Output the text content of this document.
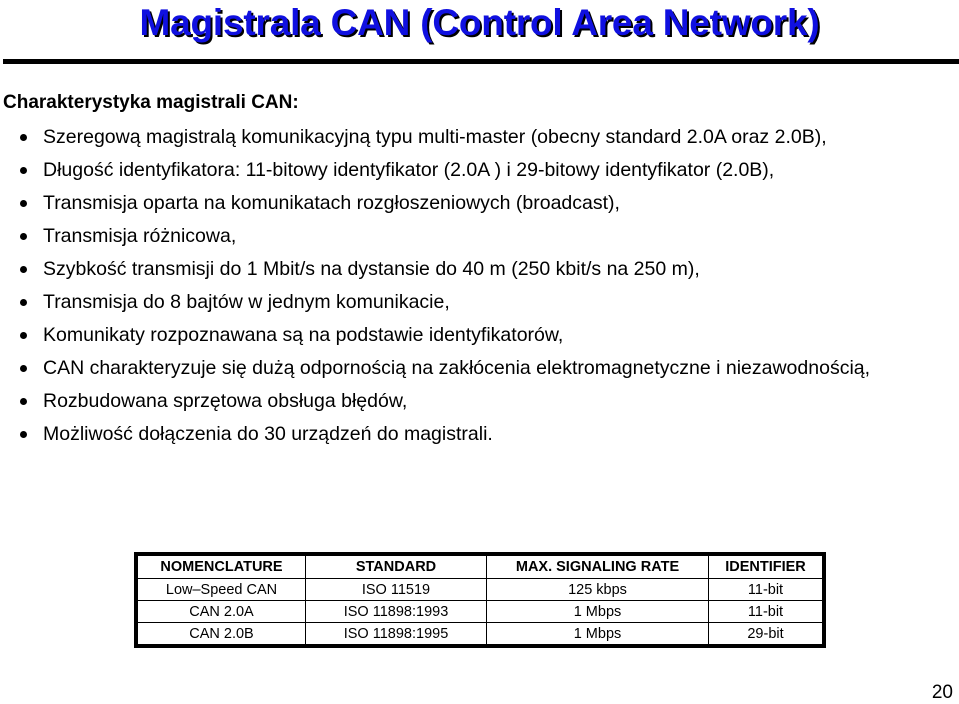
Magistrala CAN (Control Area Network)
Charakterystyka magistrali CAN:
Szeregową magistralą komunikacyjną typu multi-master (obecny standard 2.0A oraz 2.0B),
Długość identyfikatora: 11-bitowy identyfikator (2.0A ) i 29-bitowy identyfikator (2.0B),
Transmisja oparta na komunikatach rozgłoszeniowych (broadcast),
Transmisja różnicowa,
Szybkość transmisji do 1 Mbit/s na dystansie do 40 m (250 kbit/s na 250 m),
Transmisja do 8 bajtów w jednym komunikacie,
Komunikaty rozpoznawana są na podstawie identyfikatorów,
CAN charakteryzuje się dużą odpornością na zakłócenia elektromagnetyczne i niezawodnością,
Rozbudowana sprzętowa obsługa błędów,
Możliwość dołączenia do 30 urządzeń do magistrali.
NOMENCLATURE	STANDARD	MAX. SIGNALING RATE	IDENTIFIER
Low–Speed CAN	ISO 11519	125 kbps	11-bit
CAN 2.0A	ISO 11898:1993	1 Mbps	11-bit
CAN 2.0B	ISO 11898:1995	1 Mbps	29-bit
20
